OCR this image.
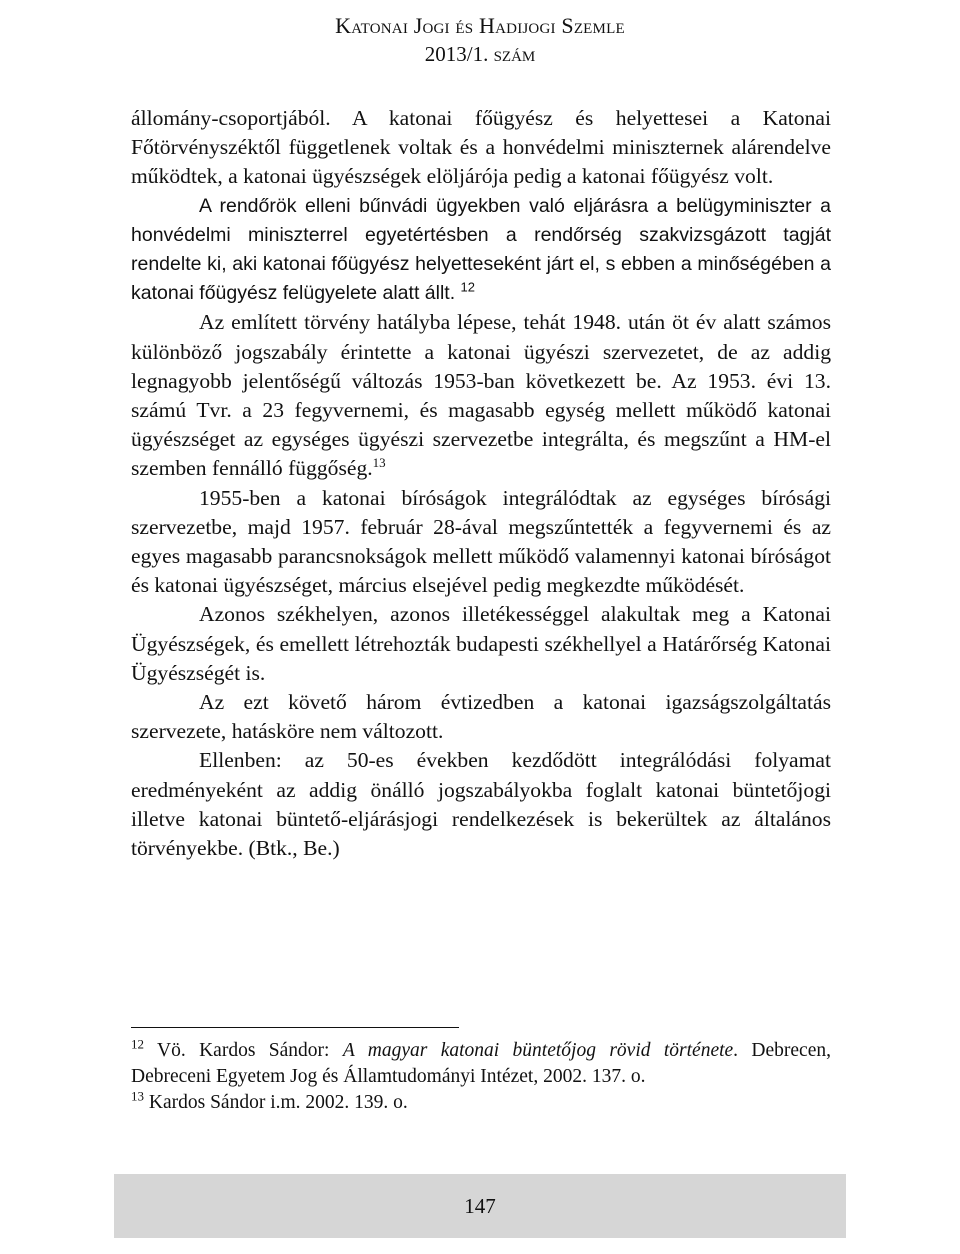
Katonai Jogi és Hadijogi Szemle
2013/1. szám

állomány-csoportjából. A katonai főügyész és helyettesei a Katonai Főtörvényszéktől függetlenek voltak és a honvédelmi miniszternek alárendelve működtek, a katonai ügyészségek elöljárója pedig a katonai főügyész volt.

A rendőrök elleni bűnvádi ügyekben való eljárásra a belügyminiszter a honvédelmi miniszterrel egyetértésben a rendőrség szakvizsgázott tagját rendelte ki, aki katonai főügyész helyetteseként járt el, s ebben a minőségében a katonai főügyész felügyelete alatt állt. $^{12}$

Az említett törvény hatályba lépese, tehát 1948. után öt év alatt számos különböző jogszabály érintette a katonai ügyészi szervezetet, de az addig legnagyobb jelentőségű változás 1953-ban következett be. Az 1953. évi 13. számú Tvr. a 23 fegyvernemi, és magasabb egység mellett működő katonai ügyészséget az egységes ügyészi szervezetbe integrálta, és megszűnt a HM-el szemben fennálló függőség.$^{13}$

1955-ben a katonai bíróságok integrálódtak az egységes bírósági szervezetbe, majd 1957. február 28-ával megszűntették a fegyvernemi és az egyes magasabb parancsnokságok mellett működő valamennyi katonai bíróságot és katonai ügyészséget, március elsejével pedig megkezdte működését.

Azonos székhelyen, azonos illetékességgel alakultak meg a Katonai Ügyészségek, és emellett létrehozták budapesti székhellyel a Határőrség Katonai Ügyészségét is.

Az ezt követő három évtizedben a katonai igazságszolgáltatás szervezete, hatásköre nem változott.

Ellenben: az 50-es években kezdődött integrálódási folyamat eredményeként az addig önálló jogszabályokba foglalt katonai büntetőjogi illetve katonai büntető-eljárásjogi rendelkezések is bekerültek az általános törvényekbe. (Btk., Be.)

$^{12}$ Vö. Kardos Sándor: A magyar katonai büntetőjog rövid története. Debrecen, Debreceni Egyetem Jog és Államtudományi Intézet, 2002. 137. o.

$^{13}$ Kardos Sándor i.m. 2002. 139. o.

147
